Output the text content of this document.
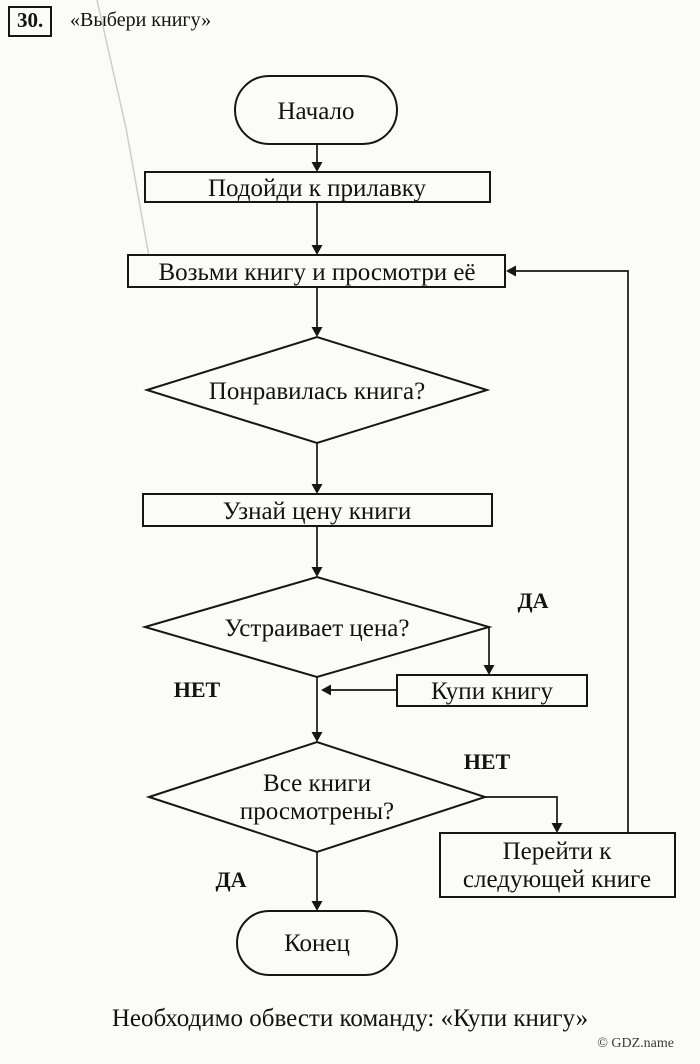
30.	«Выбери книгу»
Начало
Подойди к прилавку
Возьми книгу и просмотри её
Понравилась книга?
Узнай цену книги
Устраивает цена?
ДА
НЕТ	Купи книгу
Все книги
просмотрены?
НЕТ
ДА
Перейти к
следующей книге
Конец
Необходимо обвести команду: «Купи книгу»
© GDZ.name
